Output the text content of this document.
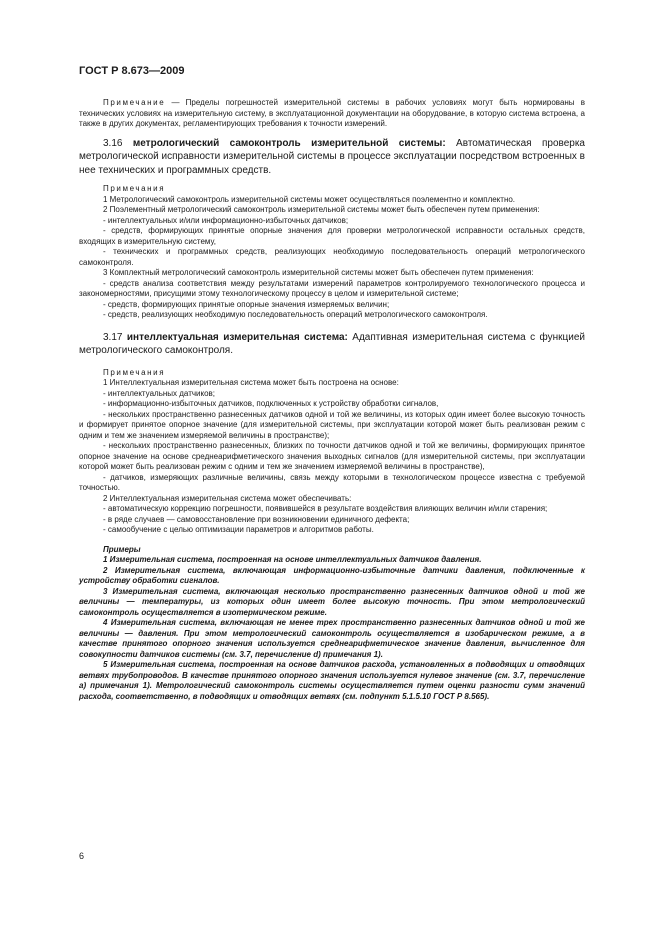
ГОСТ Р 8.673—2009

Примечание — Пределы погрешностей измерительной системы в рабочих условиях могут быть нормированы в технических условиях на измерительную систему, в эксплуатационной документации на оборудование, в которую система встроена, а также в других документах, регламентирующих требования к точности измерений.

3.16 метрологический самоконтроль измерительной системы: Автоматическая проверка метрологической исправности измерительной системы в процессе эксплуатации посредством встроенных в нее технических и программных средств.

Примечания

1 Метрологический самоконтроль измерительной системы может осуществляться поэлементно и комплектно.

2 Поэлементный метрологический самоконтроль измерительной системы может быть обеспечен путем применения:

- интеллектуальных и/или информационно-избыточных датчиков;

- средств, формирующих принятые опорные значения для проверки метрологической исправности остальных средств, входящих в измерительную систему,

- технических и программных средств, реализующих необходимую последовательность операций метрологического самоконтроля.

3 Комплектный метрологический самоконтроль измерительной системы может быть обеспечен путем применения:

- средств анализа соответствия между результатами измерений параметров контролируемого технологического процесса и закономерностями, присущими этому технологическому процессу в целом и измерительной системе;

- средств, формирующих принятые опорные значения измеряемых величин;

- средств, реализующих необходимую последовательность операций метрологического самоконтроля.

3.17 интеллектуальная измерительная система: Адаптивная измерительная система с функцией метрологического самоконтроля.

Примечания

1 Интеллектуальная измерительная система может быть построена на основе:

- интеллектуальных датчиков;

- информационно-избыточных датчиков, подключенных к устройству обработки сигналов,

- нескольких пространственно разнесенных датчиков одной и той же величины, из которых один имеет более высокую точность и формирует принятое опорное значение (для измерительной системы, при эксплуатации которой может быть реализован режим с одним и тем же значением измеряемой величины в пространстве);

- нескольких пространственно разнесенных, близких по точности датчиков одной и той же величины, формирующих принятое опорное значение на основе среднеарифметического значения выходных сигналов (для измерительной системы, при эксплуатации которой может быть реализован режим с одним и тем же значением измеряемой величины в пространстве),

- датчиков, измеряющих различные величины, связь между которыми в технологическом процессе известна с требуемой точностью.

2 Интеллектуальная измерительная система может обеспечивать:

- автоматическую коррекцию погрешности, появившейся в результате воздействия влияющих величин и/или старения;

- в ряде случаев — самовосстановление при возникновении единичного дефекта;

- самообучение с целью оптимизации параметров и алгоритмов работы.

Примеры

1 Измерительная система, построенная на основе интеллектуальных датчиков давления.

2 Измерительная система, включающая информационно-избыточные датчики давления, подключенные к устройству обработки сигналов.

3 Измерительная система, включающая несколько пространственно разнесенных датчиков одной и той же величины — температуры, из которых один имеет более высокую точность. При этом метрологический самоконтроль осуществляется в изотермическом режиме.

4 Измерительная система, включающая не менее трех пространственно разнесенных датчиков одной и той же величины — давления. При этом метрологический самоконтроль осуществляется в изобарическом режиме, а в качестве принятого опорного значения используется среднеарифметическое значение давления, вычисленное для совокупности датчиков системы (см. 3.7, перечисление d) примечания 1).

5 Измерительная система, построенная на основе датчиков расхода, установленных в подводящих и отводящих ветвях трубопроводов. В качестве принятого опорного значения используется нулевое значение (см. 3.7, перечисление а) примечания 1). Метрологический самоконтроль системы осуществляется путем оценки разности сумм значений расхода, соответственно, в подводящих и отводящих ветвях (см. подпункт 5.1.5.10 ГОСТ Р 8.565).

6
